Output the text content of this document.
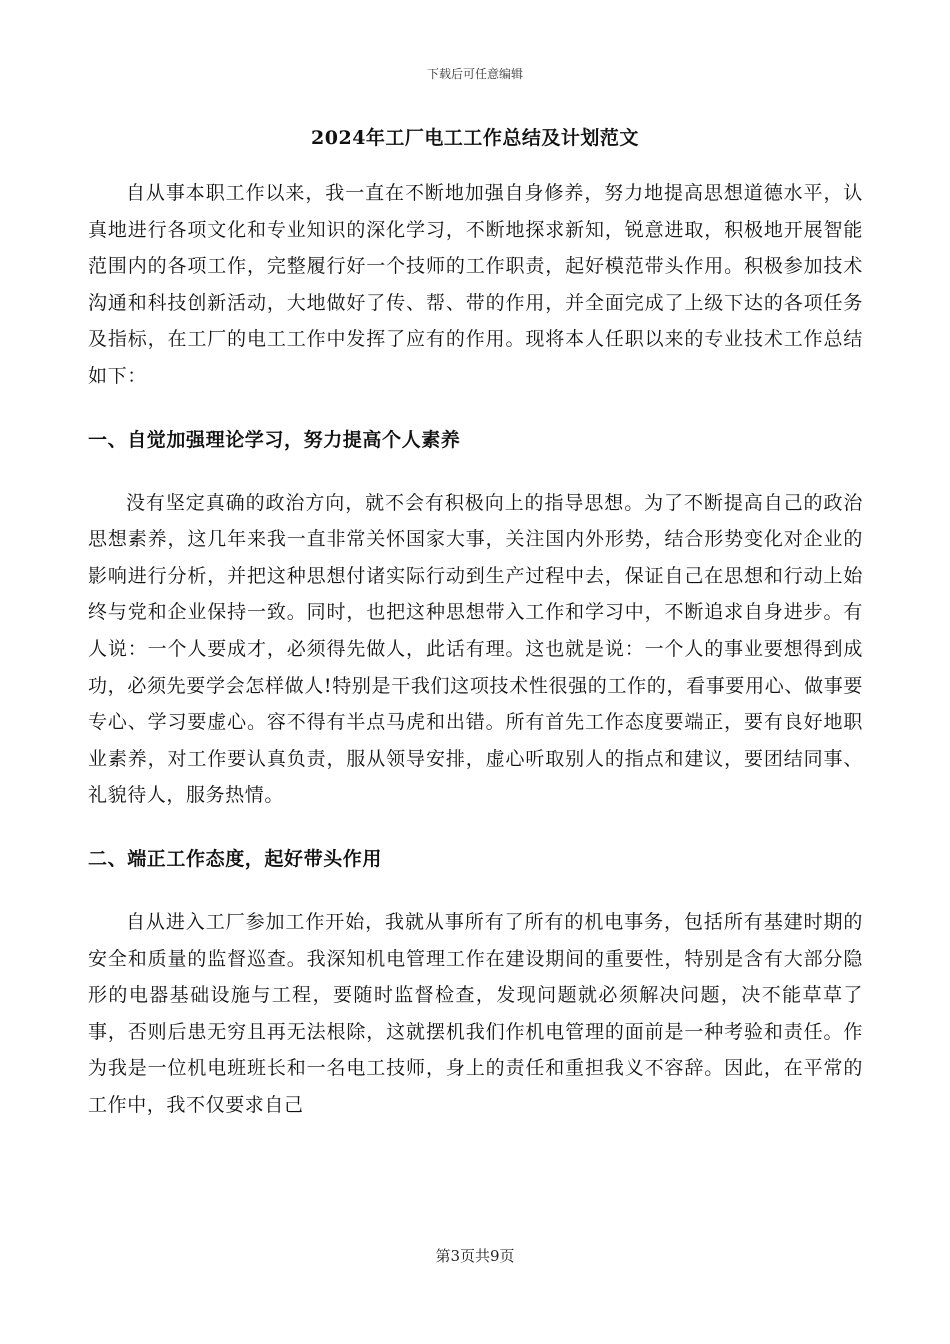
下载后可任意编辑
2024年工厂电工工作总结及计划范文

自从事本职工作以来，我一直在不断地加强自身修养，努力地提高思想道德水平，认真地进行各项文化和专业知识的深化学习，不断地探求新知，锐意进取，积极地开展智能范围内的各项工作，完整履行好一个技师的工作职责，起好模范带头作用。积极参加技术沟通和科技创新活动，大地做好了传、帮、带的作用，并全面完成了上级下达的各项任务及指标，在工厂的电工工作中发挥了应有的作用。现将本人任职以来的专业技术工作总结如下：

一、自觉加强理论学习，努力提高个人素养

没有坚定真确的政治方向，就不会有积极向上的指导思想。为了不断提高自己的政治思想素养，这几年来我一直非常关怀国家大事，关注国内外形势，结合形势变化对企业的影响进行分析，并把这种思想付诸实际行动到生产过程中去，保证自己在思想和行动上始终与党和企业保持一致。同时，也把这种思想带入工作和学习中，不断追求自身进步。有人说：一个人要成才，必须得先做人，此话有理。这也就是说：一个人的事业要想得到成功，必须先要学会怎样做人!特别是干我们这项技术性很强的工作的，看事要用心、做事要专心、学习要虚心。容不得有半点马虎和出错。所有首先工作态度要端正，要有良好地职业素养，对工作要认真负责，服从领导安排，虚心听取别人的指点和建议，要团结同事、礼貌待人，服务热情。

二、端正工作态度，起好带头作用

自从进入工厂参加工作开始，我就从事所有了所有的机电事务，包括所有基建时期的安全和质量的监督巡查。我深知机电管理工作在建设期间的重要性，特别是含有大部分隐形的电器基础设施与工程，要随时监督检查，发现问题就必须解决问题，决不能草草了事，否则后患无穷且再无法根除，这就摆机我们作机电管理的面前是一种考验和责任。作为我是一位机电班班长和一名电工技师，身上的责任和重担我义不容辞。因此，在平常的工作中，我不仅要求自己

第3页共9页
